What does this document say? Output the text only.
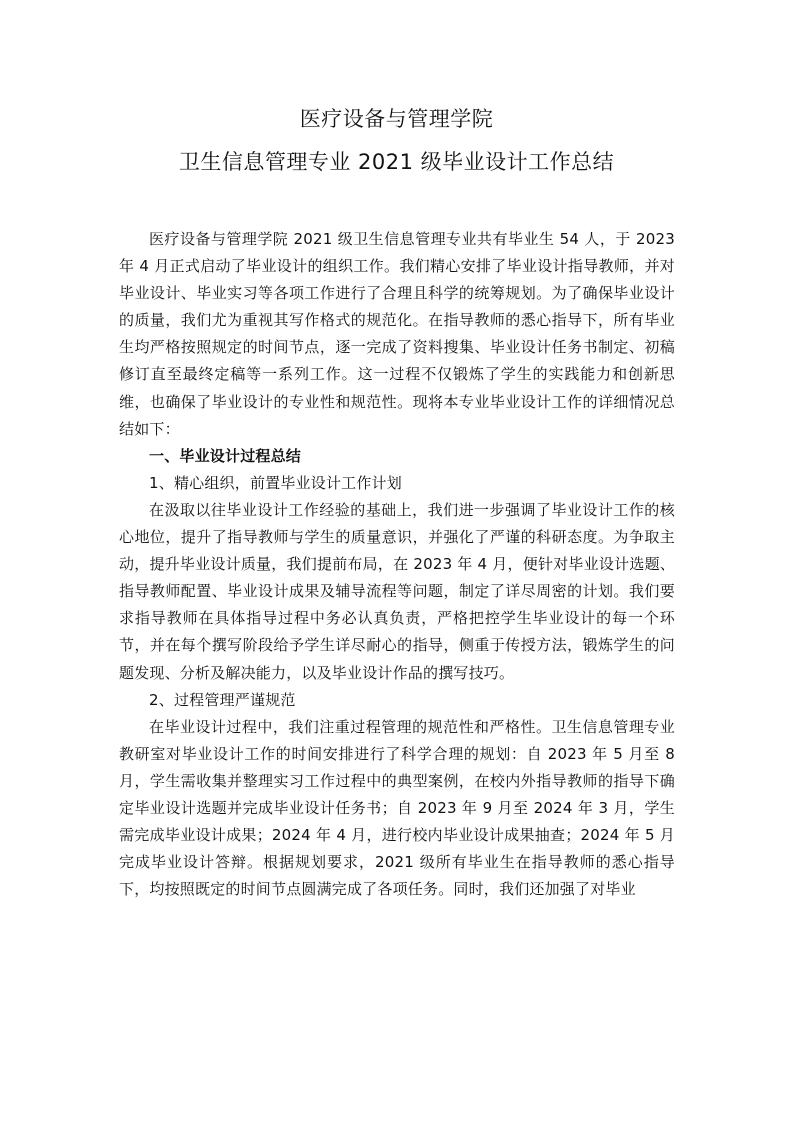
医疗设备与管理学院
卫生信息管理专业 2021 级毕业设计工作总结

医疗设备与管理学院 2021 级卫生信息管理专业共有毕业生 54 人，于 2023 年 4 月正式启动了毕业设计的组织工作。我们精心安排了毕业设计指导教师，并对毕业设计、毕业实习等各项工作进行了合理且科学的统筹规划。为了确保毕业设计的质量，我们尤为重视其写作格式的规范化。在指导教师的悉心指导下，所有毕业生均严格按照规定的时间节点，逐一完成了资料搜集、毕业设计任务书制定、初稿修订直至最终定稿等一系列工作。这一过程不仅锻炼了学生的实践能力和创新思维，也确保了毕业设计的专业性和规范性。现将本专业毕业设计工作的详细情况总结如下：

一、毕业设计过程总结

1、精心组织，前置毕业设计工作计划

在汲取以往毕业设计工作经验的基础上，我们进一步强调了毕业设计工作的核心地位，提升了指导教师与学生的质量意识，并强化了严谨的科研态度。为争取主动，提升毕业设计质量，我们提前布局，在 2023 年 4 月，便针对毕业设计选题、指导教师配置、毕业设计成果及辅导流程等问题，制定了详尽周密的计划。我们要求指导教师在具体指导过程中务必认真负责，严格把控学生毕业设计的每一个环节，并在每个撰写阶段给予学生详尽耐心的指导，侧重于传授方法，锻炼学生的问题发现、分析及解决能力，以及毕业设计作品的撰写技巧。

2、过程管理严谨规范

在毕业设计过程中，我们注重过程管理的规范性和严格性。卫生信息管理专业教研室对毕业设计工作的时间安排进行了科学合理的规划：自 2023 年 5 月至 8 月，学生需收集并整理实习工作过程中的典型案例，在校内外指导教师的指导下确定毕业设计选题并完成毕业设计任务书；自 2023 年 9 月至 2024 年 3 月，学生需完成毕业设计成果；2024 年 4 月，进行校内毕业设计成果抽查；2024 年 5 月完成毕业设计答辩。根据规划要求，2021 级所有毕业生在指导教师的悉心指导下，均按照既定的时间节点圆满完成了各项任务。同时，我们还加强了对毕业
